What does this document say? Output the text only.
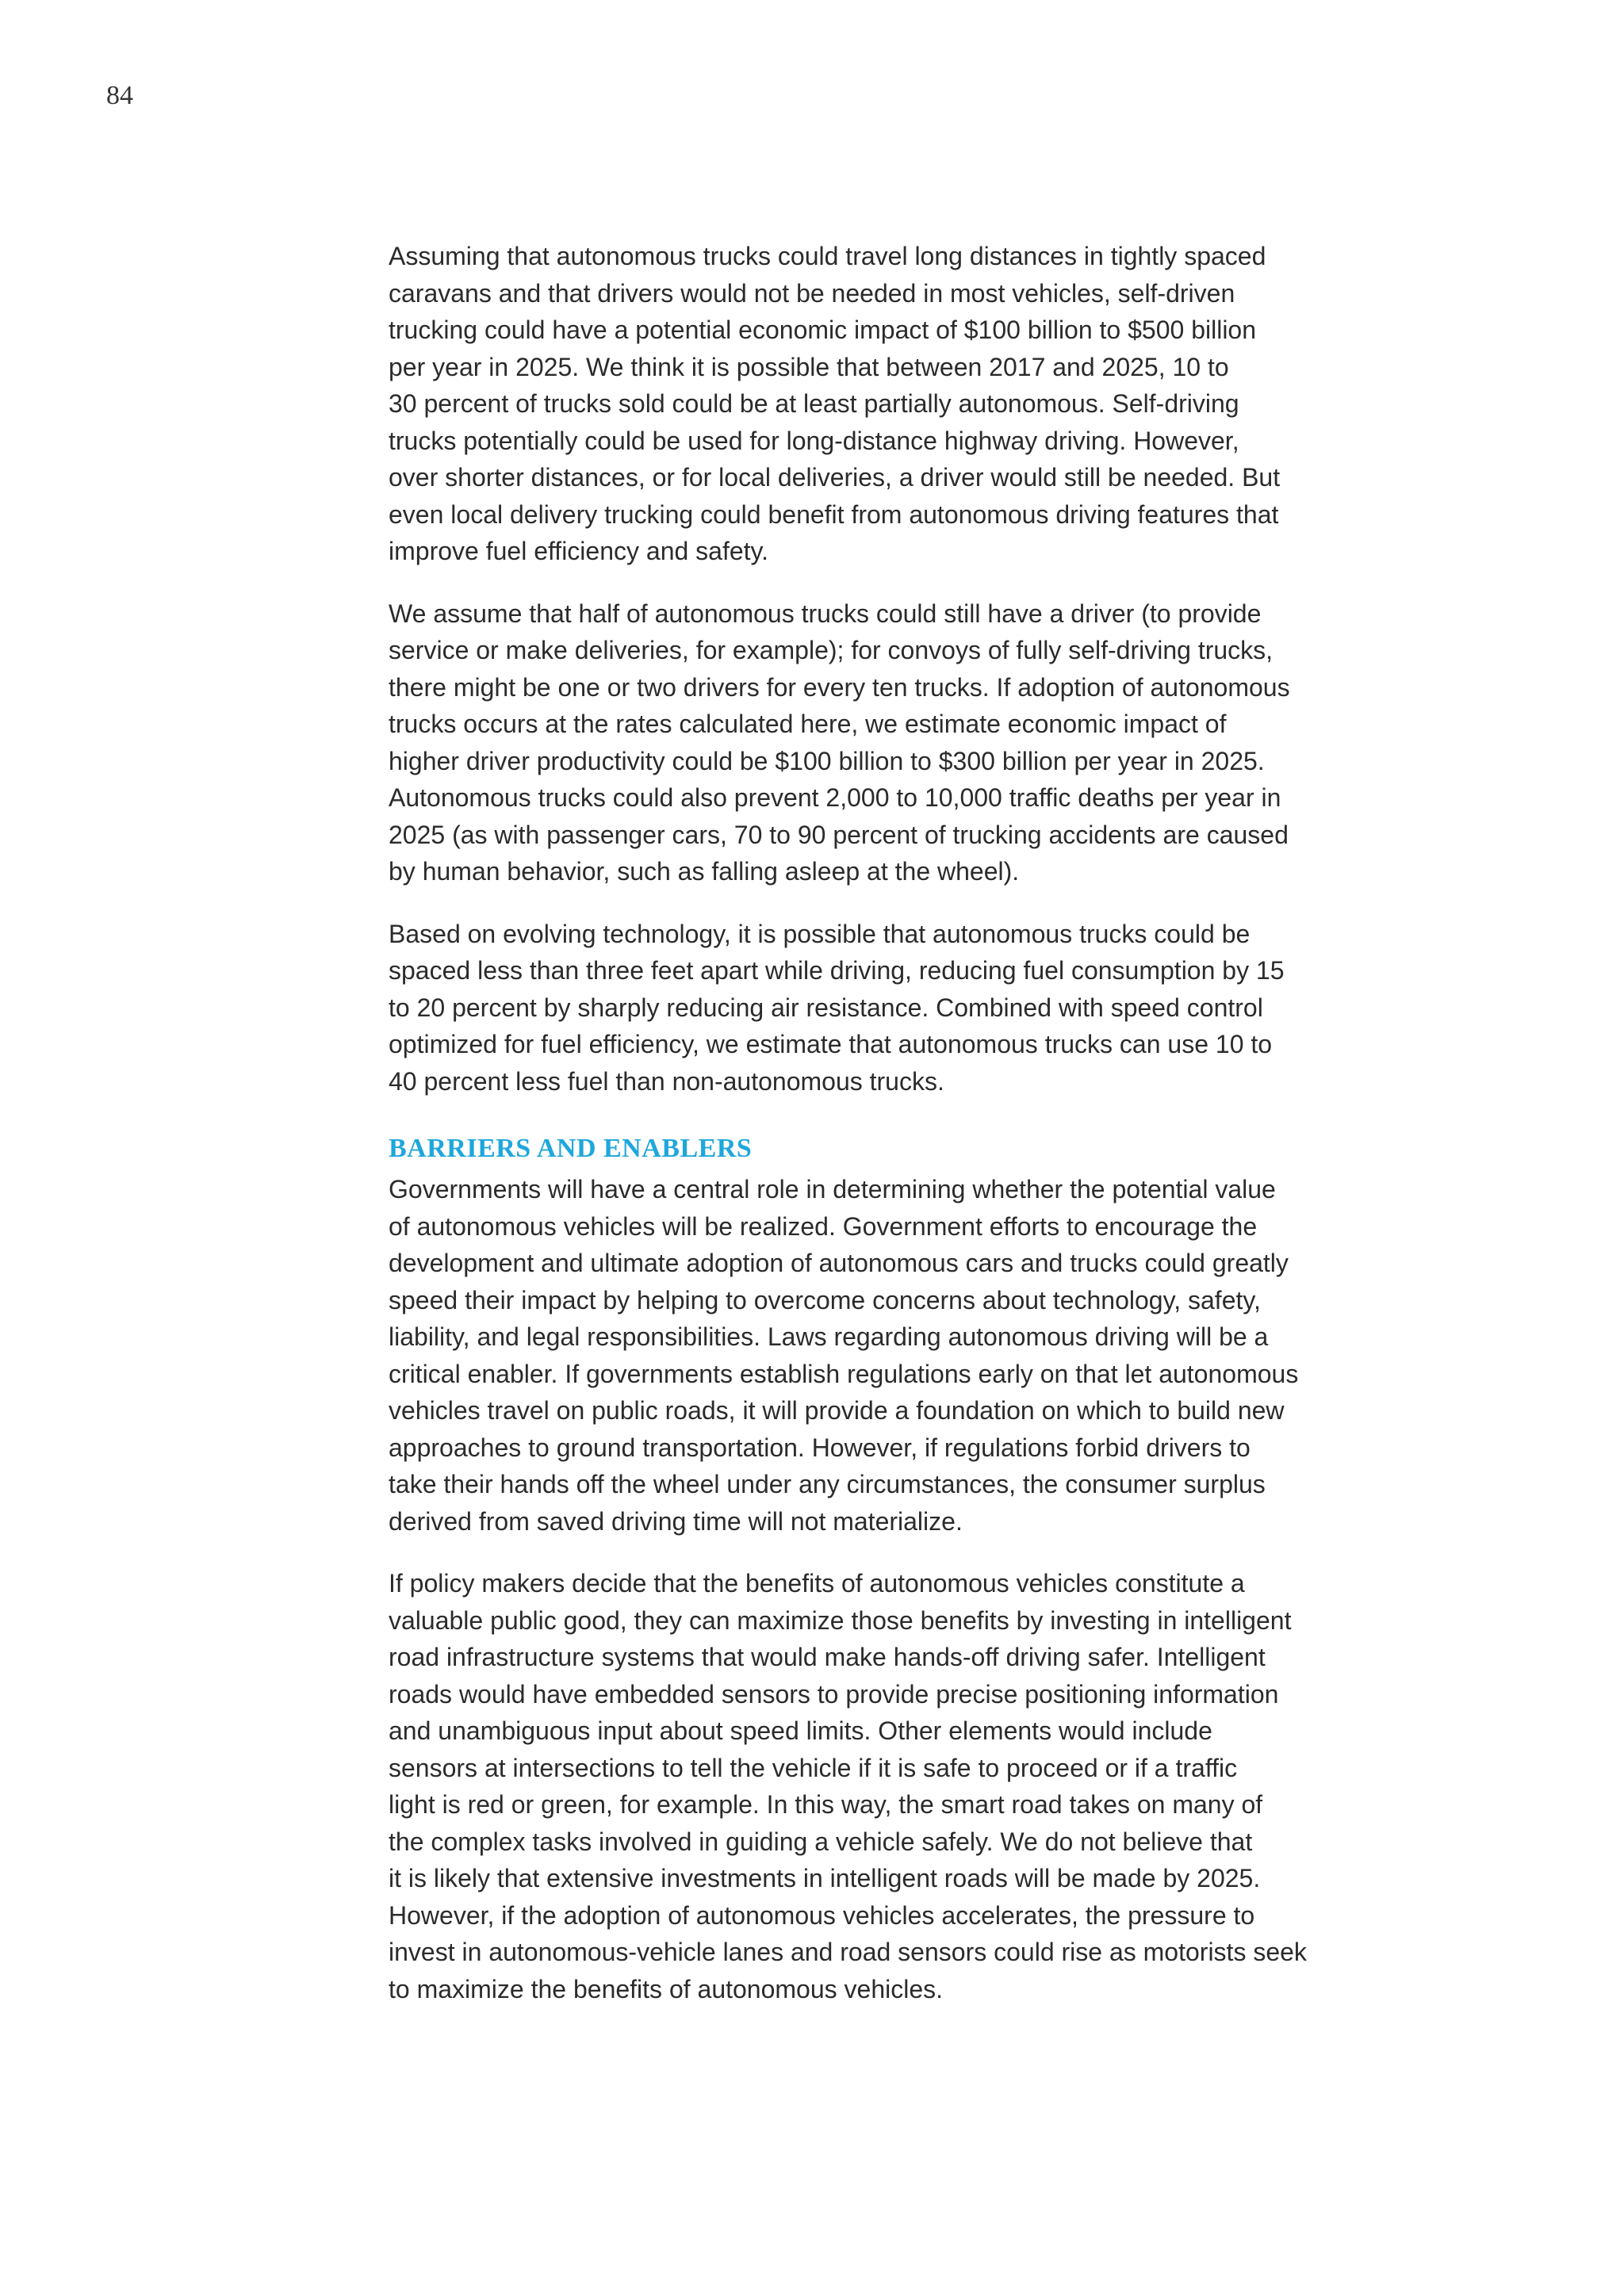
84

Assuming that autonomous trucks could travel long distances in tightly spaced
caravans and that drivers would not be needed in most vehicles, self-driven
trucking could have a potential economic impact of $100 billion to $500 billion
per year in 2025. We think it is possible that between 2017 and 2025, 10 to
30 percent of trucks sold could be at least partially autonomous. Self-driving
trucks potentially could be used for long-distance highway driving. However,
over shorter distances, or for local deliveries, a driver would still be needed. But
even local delivery trucking could benefit from autonomous driving features that
improve fuel efficiency and safety.

We assume that half of autonomous trucks could still have a driver (to provide
service or make deliveries, for example); for convoys of fully self-driving trucks,
there might be one or two drivers for every ten trucks. If adoption of autonomous
trucks occurs at the rates calculated here, we estimate economic impact of
higher driver productivity could be $100 billion to $300 billion per year in 2025.
Autonomous trucks could also prevent 2,000 to 10,000 traffic deaths per year in
2025 (as with passenger cars, 70 to 90 percent of trucking accidents are caused
by human behavior, such as falling asleep at the wheel).

Based on evolving technology, it is possible that autonomous trucks could be
spaced less than three feet apart while driving, reducing fuel consumption by 15
to 20 percent by sharply reducing air resistance. Combined with speed control
optimized for fuel efficiency, we estimate that autonomous trucks can use 10 to
40 percent less fuel than non-autonomous trucks.

BARRIERS AND ENABLERS

Governments will have a central role in determining whether the potential value
of autonomous vehicles will be realized. Government efforts to encourage the
development and ultimate adoption of autonomous cars and trucks could greatly
speed their impact by helping to overcome concerns about technology, safety,
liability, and legal responsibilities. Laws regarding autonomous driving will be a
critical enabler. If governments establish regulations early on that let autonomous
vehicles travel on public roads, it will provide a foundation on which to build new
approaches to ground transportation. However, if regulations forbid drivers to
take their hands off the wheel under any circumstances, the consumer surplus
derived from saved driving time will not materialize.

If policy makers decide that the benefits of autonomous vehicles constitute a
valuable public good, they can maximize those benefits by investing in intelligent
road infrastructure systems that would make hands-off driving safer. Intelligent
roads would have embedded sensors to provide precise positioning information
and unambiguous input about speed limits. Other elements would include
sensors at intersections to tell the vehicle if it is safe to proceed or if a traffic
light is red or green, for example. In this way, the smart road takes on many of
the complex tasks involved in guiding a vehicle safely. We do not believe that
it is likely that extensive investments in intelligent roads will be made by 2025.
However, if the adoption of autonomous vehicles accelerates, the pressure to
invest in autonomous-vehicle lanes and road sensors could rise as motorists seek
to maximize the benefits of autonomous vehicles.
